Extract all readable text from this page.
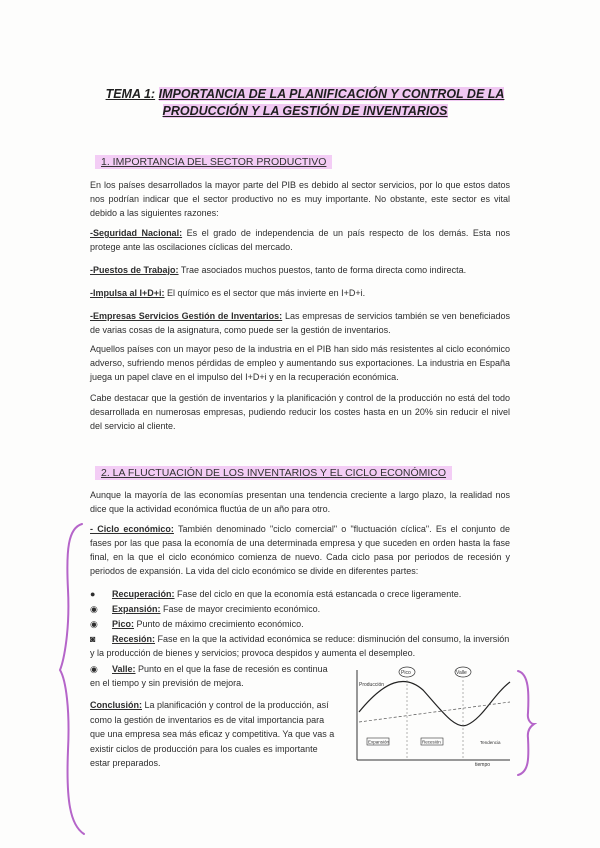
TEMA 1: IMPORTANCIA DE LA PLANIFICACIÓN Y CONTROL DE LA
PRODUCCIÓN Y LA GESTIÓN DE INVENTARIOS
1. IMPORTANCIA DEL SECTOR PRODUCTIVO
En los países desarrollados la mayor parte del PIB es debido al sector servicios, por lo que estos datos nos podrían indicar que el sector productivo no es muy importante. No obstante, este sector es vital debido a las siguientes razones:
-Seguridad Nacional: Es el grado de independencia de un país respecto de los demás. Esta nos protege ante las oscilaciones cíclicas del mercado.
-Puestos de Trabajo: Trae asociados muchos puestos, tanto de forma directa como indirecta.
-Impulsa al I+D+i: El químico es el sector que más invierte en I+D+i.
-Empresas Servicios Gestión de Inventarios: Las empresas de servicios también se ven beneficiados de varias cosas de la asignatura, como puede ser la gestión de inventarios.
Aquellos países con un mayor peso de la industria en el PIB han sido más resistentes al ciclo económico adverso, sufriendo menos pérdidas de empleo y aumentando sus exportaciones. La industria en España juega un papel clave en el impulso del I+D+i y en la recuperación económica.
Cabe destacar que la gestión de inventarios y la planificación y control de la producción no está del todo desarrollada en numerosas empresas, pudiendo reducir los costes hasta en un 20% sin reducir el nivel del servicio al cliente.
2. LA FLUCTUACIÓN DE LOS INVENTARIOS Y EL CICLO ECONÓMICO
Aunque la mayoría de las economías presentan una tendencia creciente a largo plazo, la realidad nos dice que la actividad económica fluctúa de un año para otro.
- Ciclo económico: También denominado "ciclo comercial" o "fluctuación cíclica". Es el conjunto de fases por las que pasa la economía de una determinada empresa y que suceden en orden hasta la fase final, en la que el ciclo económico comienza de nuevo. Cada ciclo pasa por periodos de recesión y periodos de expansión. La vida del ciclo económico se divide en diferentes partes:
● Recuperación: Fase del ciclo en que la economía está estancada o crece ligeramente.
◉ Expansión: Fase de mayor crecimiento económico.
◉ Pico: Punto de máximo crecimiento económico.
◙ Recesión: Fase en la que la actividad económica se reduce: disminución del consumo, la inversión y la producción de bienes y servicios; provoca despidos y aumenta el desempleo.
◉ Valle: Punto en el que la fase de recesión es continua en el tiempo y sin previsión de mejora.
Conclusión: La planificación y control de la producción, así como la gestión de inventarios es de vital importancia para que una empresa sea más eficaz y competitiva. Ya que vas a existir ciclos de producción para los cuales es importante estar preparados.
Producción
tiempo
Pico	Valle
Expansión	Recesión	Tendencia
